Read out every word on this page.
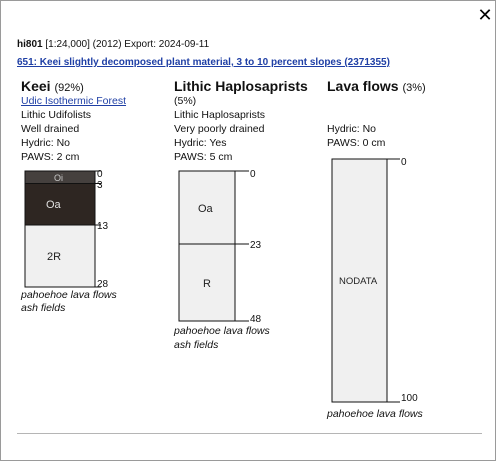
✕
hi801 [1:24,000] (2012) Export: 2024-09-11
651: Keei slightly decomposed plant material, 3 to 10 percent slopes (2371355)
Keei (92%)
Udic Isothermic Forest
Lithic Udifolists
Well drained
Hydric: No
PAWS: 2 cm
Lithic Haplosaprists
(5%)
Lithic Haplosaprists
Very poorly drained
Hydric: Yes
PAWS: 5 cm
Lava flows (3%)
Hydric: No
PAWS: 0 cm
Oi
Oa
2R
0
3
13
28
Oa
R
0
23
48
NODATA
0
100
pahoehoe lava flows
ash fields
pahoehoe lava flows
ash fields
pahoehoe lava flows
